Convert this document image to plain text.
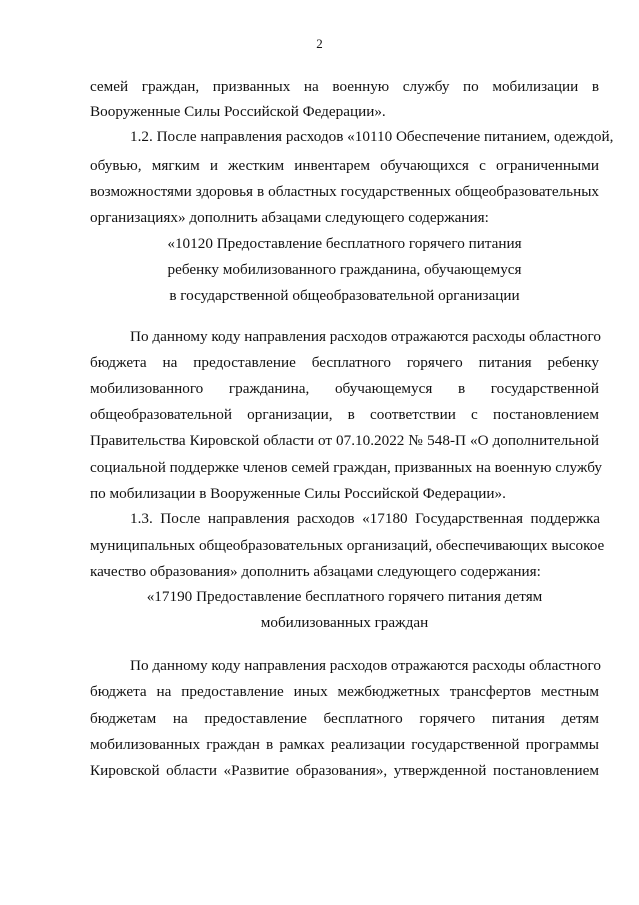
2
семей граждан, призванных на военную службу по мобилизации в
Вооруженные Силы Российской Федерации».
1.2. После направления расходов «10110 Обеспечение питанием, одеждой,
обувью, мягким и жестким инвентарем обучающихся с ограниченными
возможностями здоровья в областных государственных общеобразовательных
организациях» дополнить абзацами следующего содержания:
«10120 Предоставление бесплатного горячего питания
ребенку мобилизованного гражданина, обучающемуся
в государственной общеобразовательной организации
По данному коду направления расходов отражаются расходы областного
бюджета на предоставление бесплатного горячего питания ребенку
мобилизованного гражданина, обучающемуся в государственной
общеобразовательной организации, в соответствии с постановлением
Правительства Кировской области от 07.10.2022 № 548-П «О дополнительной
социальной поддержке членов семей граждан, призванных на военную службу
по мобилизации в Вооруженные Силы Российской Федерации».
1.3. После направления расходов «17180 Государственная поддержка
муниципальных общеобразовательных организаций, обеспечивающих высокое
качество образования» дополнить абзацами следующего содержания:
«17190 Предоставление бесплатного горячего питания детям
мобилизованных граждан
По данному коду направления расходов отражаются расходы областного
бюджета на предоставление иных межбюджетных трансфертов местным
бюджетам на предоставление бесплатного горячего питания детям
мобилизованных граждан в рамках реализации государственной программы
Кировской области «Развитие образования», утвержденной постановлением
